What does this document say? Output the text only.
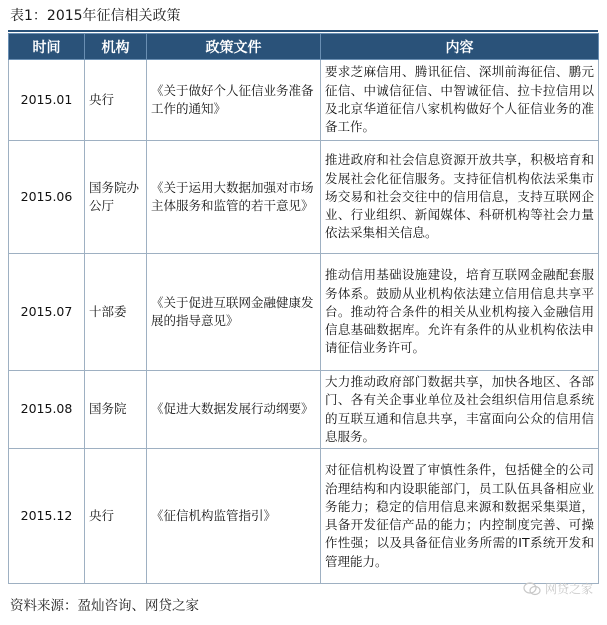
表1：2015年征信相关政策
时间	机构	政策文件	内容
2015.01	央行	《关于做好个人征信业务准备工作的通知》	要求芝麻信用、腾讯征信、深圳前海征信、鹏元征信、中诚信征信、中智诚征信、拉卡拉信用以及北京华道征信八家机构做好个人征信业务的准备工作。
2015.06	国务院办公厅	《关于运用大数据加强对市场主体服务和监管的若干意见》	推进政府和社会信息资源开放共享，积极培育和发展社会化征信服务。支持征信机构依法采集市场交易和社会交往中的信用信息，支持互联网企业、行业组织、新闻媒体、科研机构等社会力量依法采集相关信息。
2015.07	十部委	《关于促进互联网金融健康发展的指导意见》	推动信用基础设施建设，培育互联网金融配套服务体系。鼓励从业机构依法建立信用信息共享平台。推动符合条件的相关从业机构接入金融信用信息基础数据库。允许有条件的从业机构依法申请征信业务许可。
2015.08	国务院	《促进大数据发展行动纲要》	大力推动政府部门数据共享，加快各地区、各部门、各有关企事业单位及社会组织信用信息系统的互联互通和信息共享，丰富面向公众的信用信息服务。
2015.12	央行	《征信机构监管指引》	对征信机构设置了审慎性条件，包括健全的公司治理结构和内设职能部门，员工队伍具备相应业务能力；稳定的信用信息来源和数据采集渠道，具备开发征信产品的能力；内控制度完善、可操作性强；以及具备征信业务所需的IT系统开发和管理能力。
网贷之家
资料来源：盈灿咨询、网贷之家
